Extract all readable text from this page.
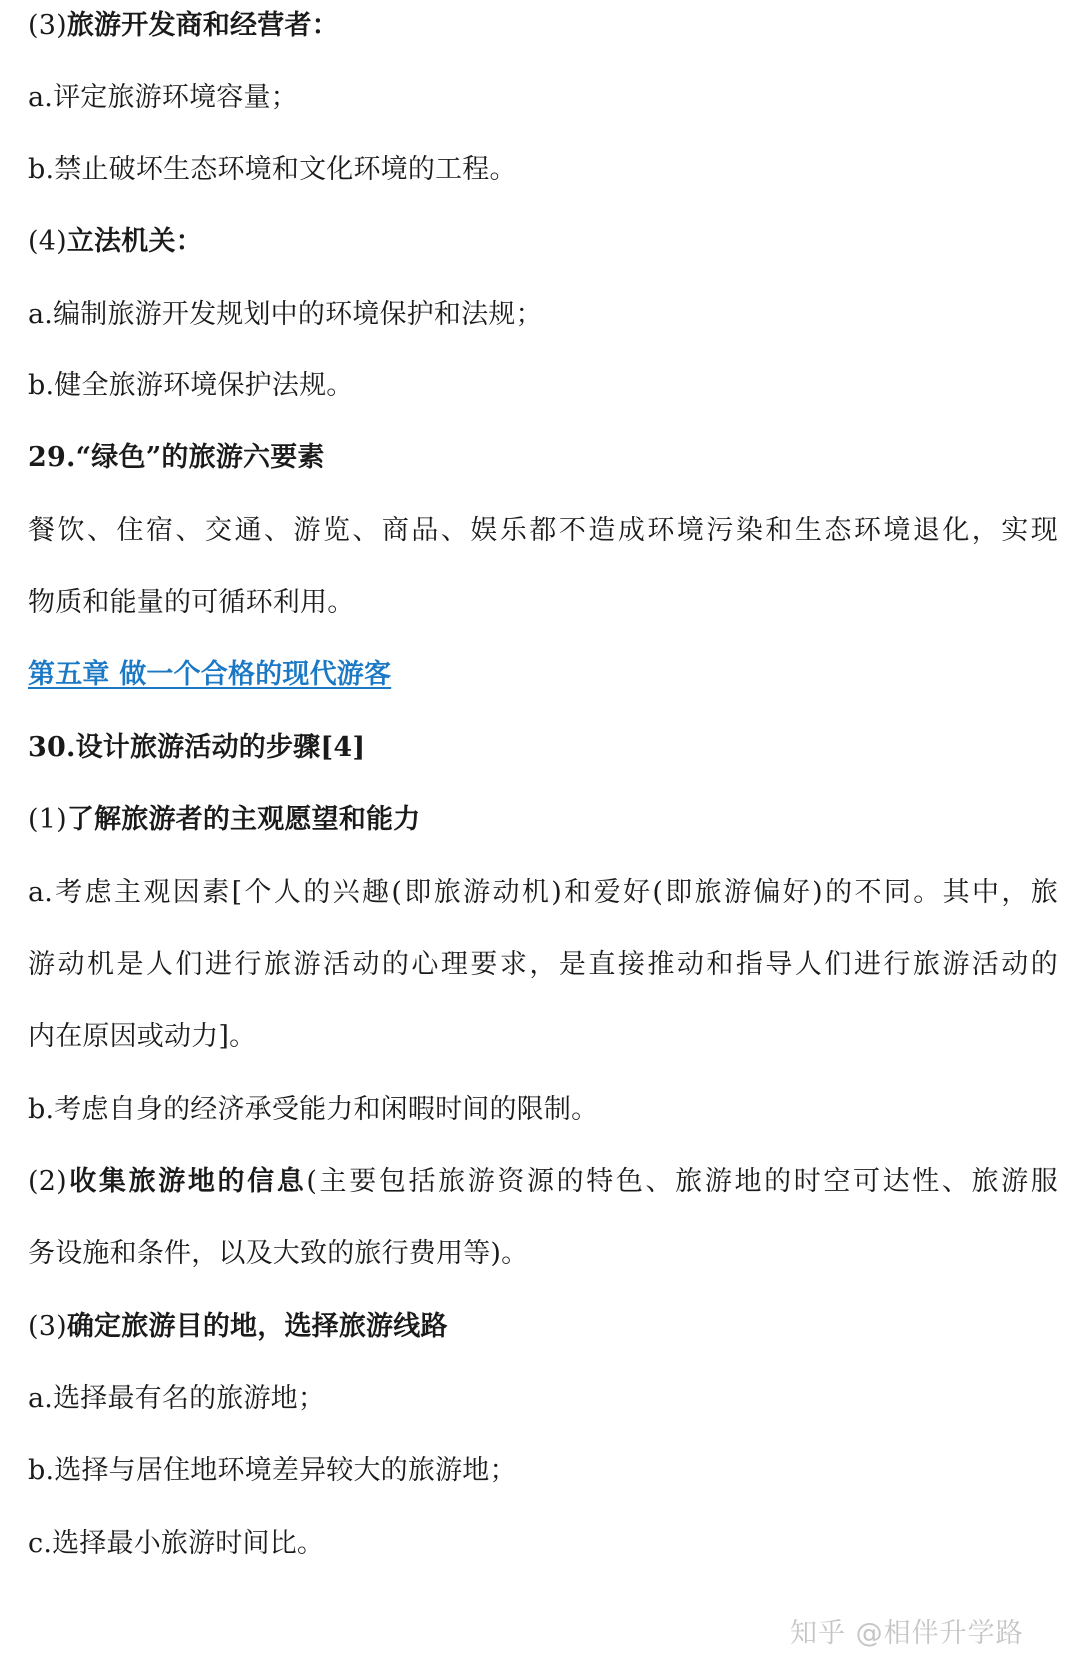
(3)旅游开发商和经营者：
a.评定旅游环境容量；
b.禁止破坏生态环境和文化环境的工程。
(4)立法机关：
a.编制旅游开发规划中的环境保护和法规；
b.健全旅游环境保护法规。
29.“绿色”的旅游六要素
餐饮、住宿、交通、游览、商品、娱乐都不造成环境污染和生态环境退化，实现
物质和能量的可循环利用。
第五章 做一个合格的现代游客
30.设计旅游活动的步骤[4]
(1)了解旅游者的主观愿望和能力
a.考虑主观因素[个人的兴趣(即旅游动机)和爱好(即旅游偏好)的不同。其中，旅
游动机是人们进行旅游活动的心理要求，是直接推动和指导人们进行旅游活动的
内在原因或动力]。
b.考虑自身的经济承受能力和闲暇时间的限制。
(2)收集旅游地的信息(主要包括旅游资源的特色、旅游地的时空可达性、旅游服
务设施和条件，以及大致的旅行费用等)。
(3)确定旅游目的地，选择旅游线路
a.选择最有名的旅游地；
b.选择与居住地环境差异较大的旅游地；
c.选择最小旅游时间比。
知乎 @相伴升学路
